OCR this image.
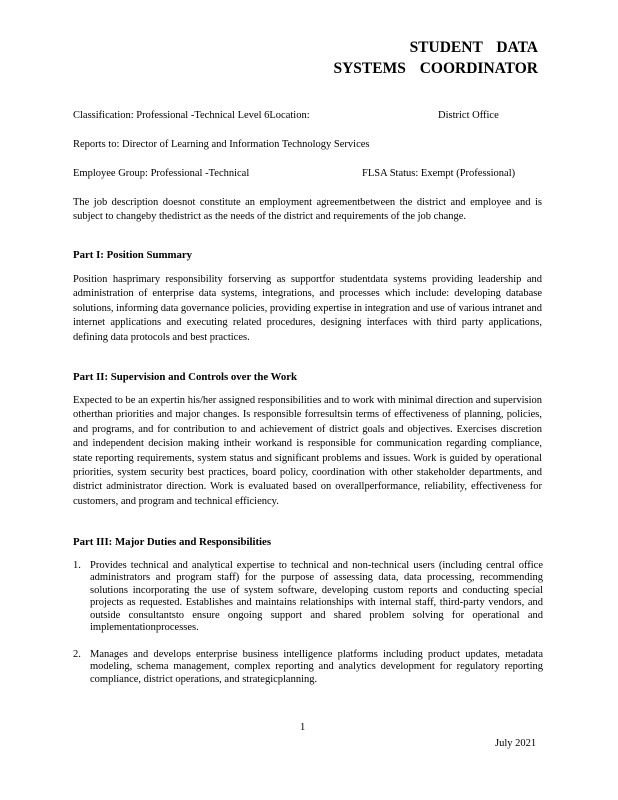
STUDENT DATA
SYSTEMS COORDINATOR
Classification: Professional -Technical Level 6Location:	District Office
Reports to: Director of Learning and Information Technology Services
Employee Group: Professional -Technical	FLSA Status: Exempt (Professional)
The job description doesnot constitute an employment agreementbetween the district and employee and is subject to changeby thedistrict as the needs of the district and requirements of the job change.
Part I: Position Summary
Position hasprimary responsibility forserving as supportfor studentdata systems providing leadership and administration of enterprise data systems, integrations, and processes which include: developing database solutions, informing data governance policies, providing expertise in integration and use of various intranet and internet applications and executing related procedures, designing interfaces with third party applications, defining data protocols and best practices.
Part II: Supervision and Controls over the Work
Expected to be an expertin his/her assigned responsibilities and to work with minimal direction and supervision otherthan priorities and major changes. Is responsible forresultsin terms of effectiveness of planning, policies, and programs, and for contribution to and achievement of district goals and objectives. Exercises discretion and independent decision making intheir workand is responsible for communication regarding compliance, state reporting requirements, system status and significant problems and issues. Work is guided by operational priorities, system security best practices, board policy, coordination with other stakeholder departments, and district administrator direction. Work is evaluated based on overallperformance, reliability, effectiveness for customers, and program and technical efficiency.
Part III: Major Duties and Responsibilities
1. Provides technical and analytical expertise to technical and non-technical users (including central office administrators and program staff) for the purpose of assessing data, data processing, recommending solutions incorporating the use of system software, developing custom reports and conducting special projects as requested. Establishes and maintains relationships with internal staff, third-party vendors, and outside consultantsto ensure ongoing support and shared problem solving for operational and implementationprocesses.
2. Manages and develops enterprise business intelligence platforms including product updates, metadata modeling, schema management, complex reporting and analytics development for regulatory reporting compliance, district operations, and strategicplanning.
1
July 2021
